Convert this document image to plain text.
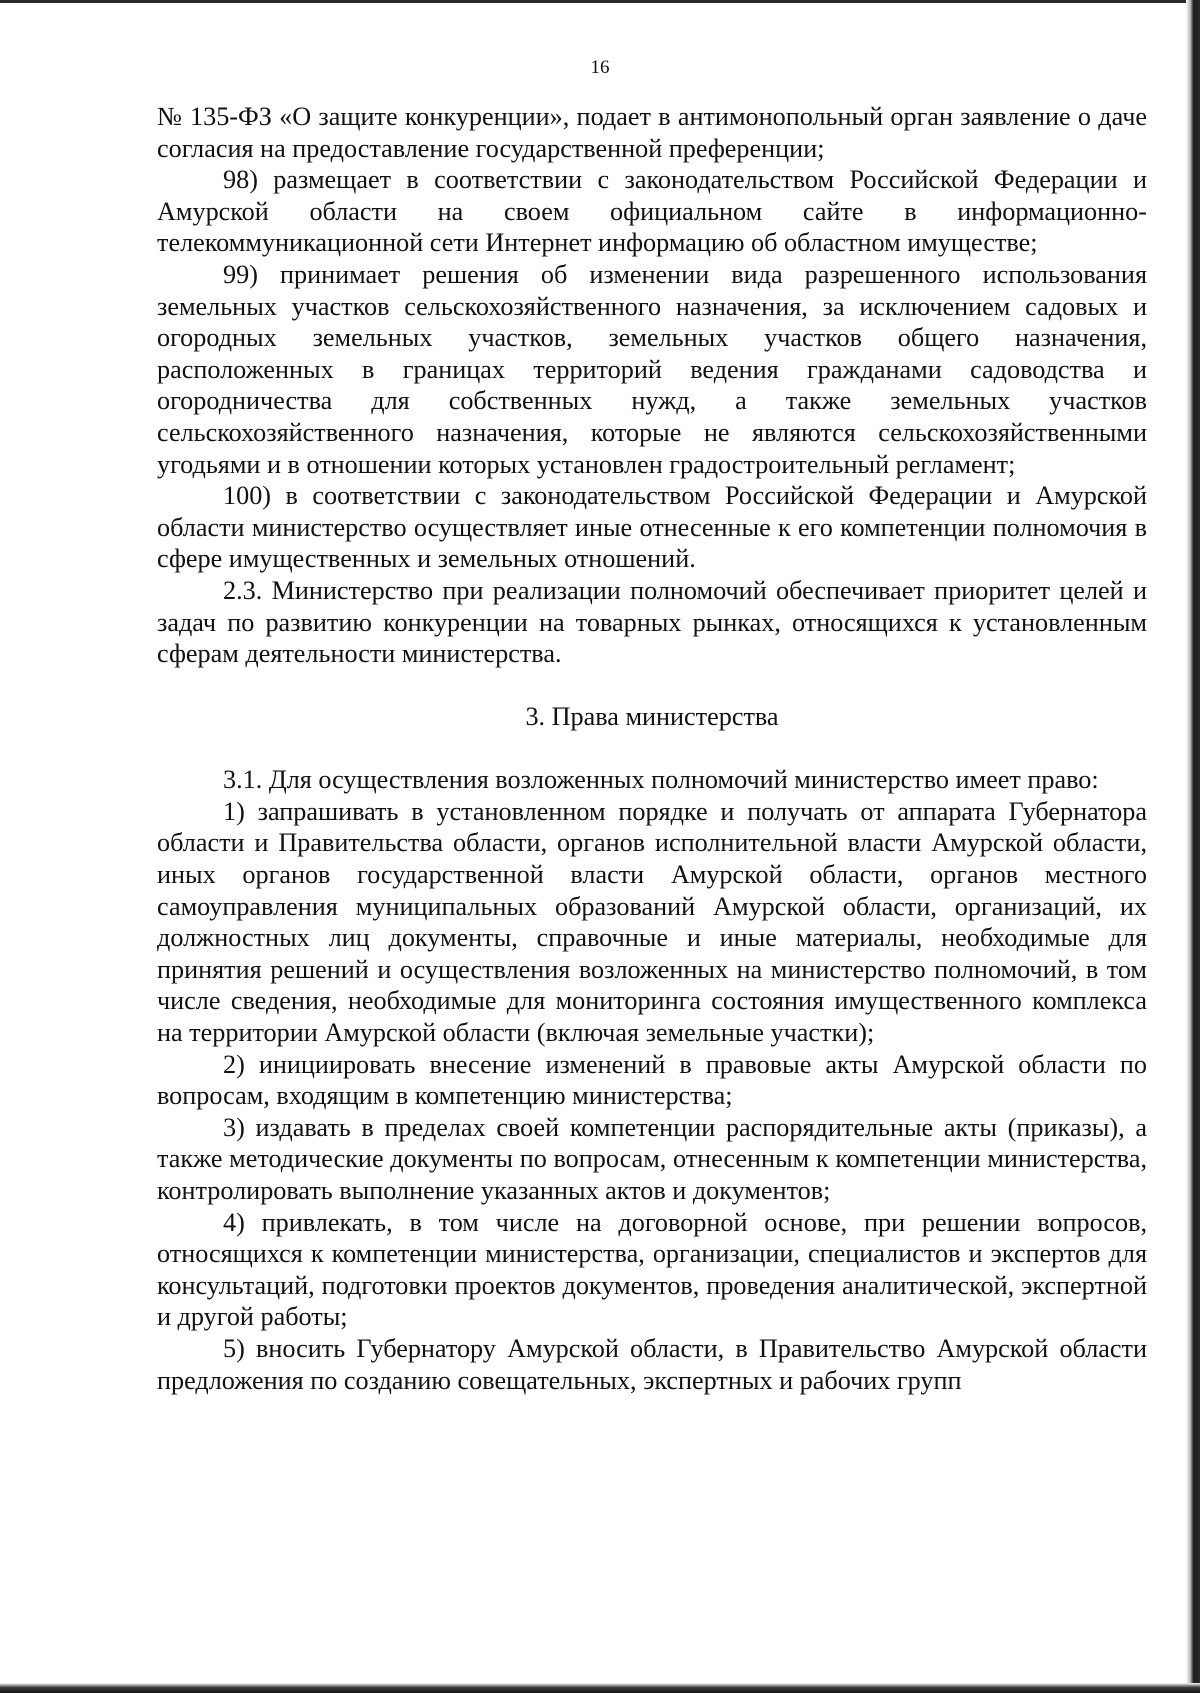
16

№ 135-ФЗ «О защите конкуренции», подает в антимонопольный орган заявление о даче согласия на предоставление государственной преференции;

98) размещает в соответствии с законодательством Российской Федерации и Амурской области на своем официальном сайте в информационно-телекоммуникационной сети Интернет информацию об областном имуществе;

99) принимает решения об изменении вида разрешенного использования земельных участков сельскохозяйственного назначения, за исключением садовых и огородных земельных участков, земельных участков общего назначения, расположенных в границах территорий ведения гражданами садоводства и огородничества для собственных нужд, а также земельных участков сельскохозяйственного назначения, которые не являются сельскохозяйственными угодьями и в отношении которых установлен градостроительный регламент;

100) в соответствии с законодательством Российской Федерации и Амурской области министерство осуществляет иные отнесенные к его компетенции полномочия в сфере имущественных и земельных отношений.

2.3. Министерство при реализации полномочий обеспечивает приоритет целей и задач по развитию конкуренции на товарных рынках, относящихся к установленным сферам деятельности министерства.

3. Права министерства

3.1. Для осуществления возложенных полномочий министерство имеет право:

1) запрашивать в установленном порядке и получать от аппарата Губернатора области и Правительства области, органов исполнительной власти Амурской области, иных органов государственной власти Амурской области, органов местного самоуправления муниципальных образований Амурской области, организаций, их должностных лиц документы, справочные и иные материалы, необходимые для принятия решений и осуществления возложенных на министерство полномочий, в том числе сведения, необходимые для мониторинга состояния имущественного комплекса на территории Амурской области (включая земельные участки);

2) инициировать внесение изменений в правовые акты Амурской области по вопросам, входящим в компетенцию министерства;

3) издавать в пределах своей компетенции распорядительные акты (приказы), а также методические документы по вопросам, отнесенным к компетенции министерства, контролировать выполнение указанных актов и документов;

4) привлекать, в том числе на договорной основе, при решении вопросов, относящихся к компетенции министерства, организации, специалистов и экспертов для консультаций, подготовки проектов документов, проведения аналитической, экспертной и другой работы;

5) вносить Губернатору Амурской области, в Правительство Амурской области предложения по созданию совещательных, экспертных и рабочих групп
